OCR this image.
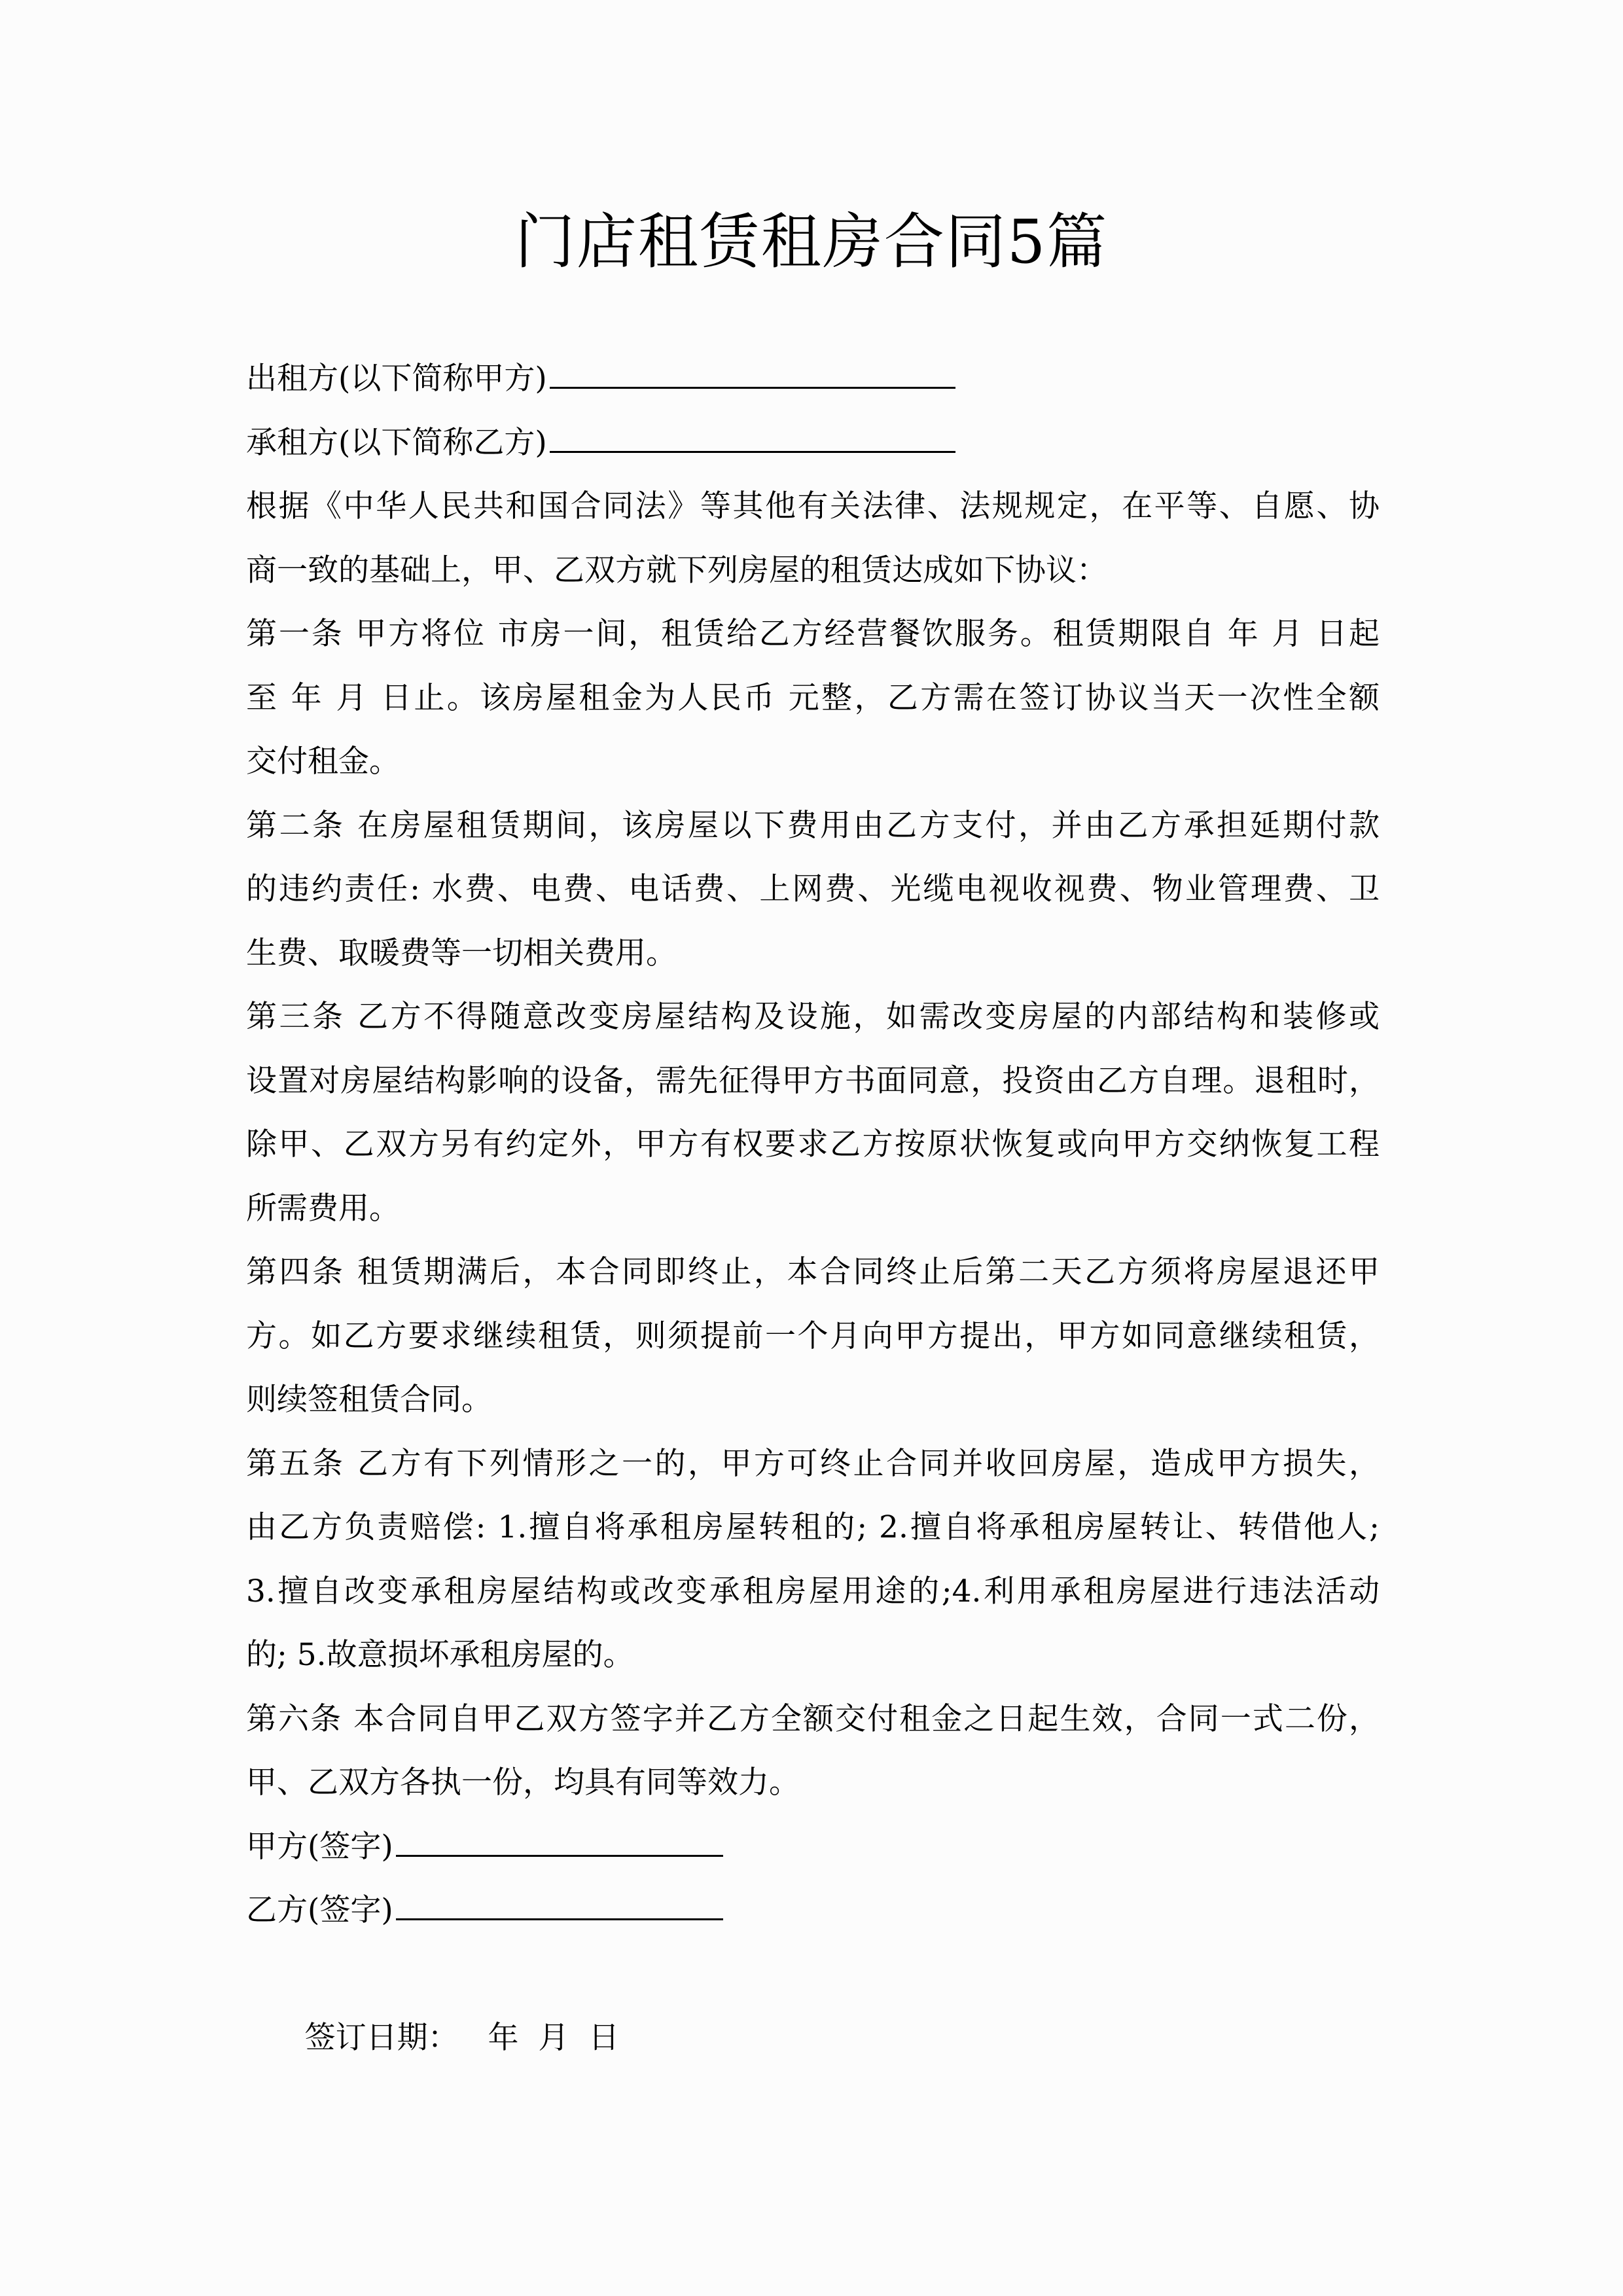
门店租赁租房合同5篇
出租方(以下简称甲方)
承租方(以下简称乙方)
根据《中华人民共和国合同法》等其他有关法律、法规规定，在平等、自愿、协
商一致的基础上，甲、乙双方就下列房屋的租赁达成如下协议：
第一条 甲方将位 市房一间，租赁给乙方经营餐饮服务。租赁期限自 年 月 日起
至 年 月 日止。该房屋租金为人民币 元整，乙方需在签订协议当天一次性全额
交付租金。
第二条 在房屋租赁期间，该房屋以下费用由乙方支付，并由乙方承担延期付款
的违约责任: 水费、电费、电话费、上网费、光缆电视收视费、物业管理费、卫
生费、取暖费等一切相关费用。
第三条 乙方不得随意改变房屋结构及设施，如需改变房屋的内部结构和装修或
设置对房屋结构影响的设备，需先征得甲方书面同意，投资由乙方自理。退租时，
除甲、乙双方另有约定外，甲方有权要求乙方按原状恢复或向甲方交纳恢复工程
所需费用。
第四条 租赁期满后，本合同即终止，本合同终止后第二天乙方须将房屋退还甲
方。如乙方要求继续租赁，则须提前一个月向甲方提出，甲方如同意继续租赁，
则续签租赁合同。
第五条 乙方有下列情形之一的，甲方可终止合同并收回房屋，造成甲方损失，
由乙方负责赔偿: 1.擅自将承租房屋转租的; 2.擅自将承租房屋转让、转借他人;
3.擅自改变承租房屋结构或改变承租房屋用途的;4.利用承租房屋进行违法活动
的; 5.故意损坏承租房屋的。
第六条 本合同自甲乙双方签字并乙方全额交付租金之日起生效，合同一式二份，
甲、乙双方各执一份，均具有同等效力。
甲方(签字)
乙方(签字)

签订日期：   年  月  日
